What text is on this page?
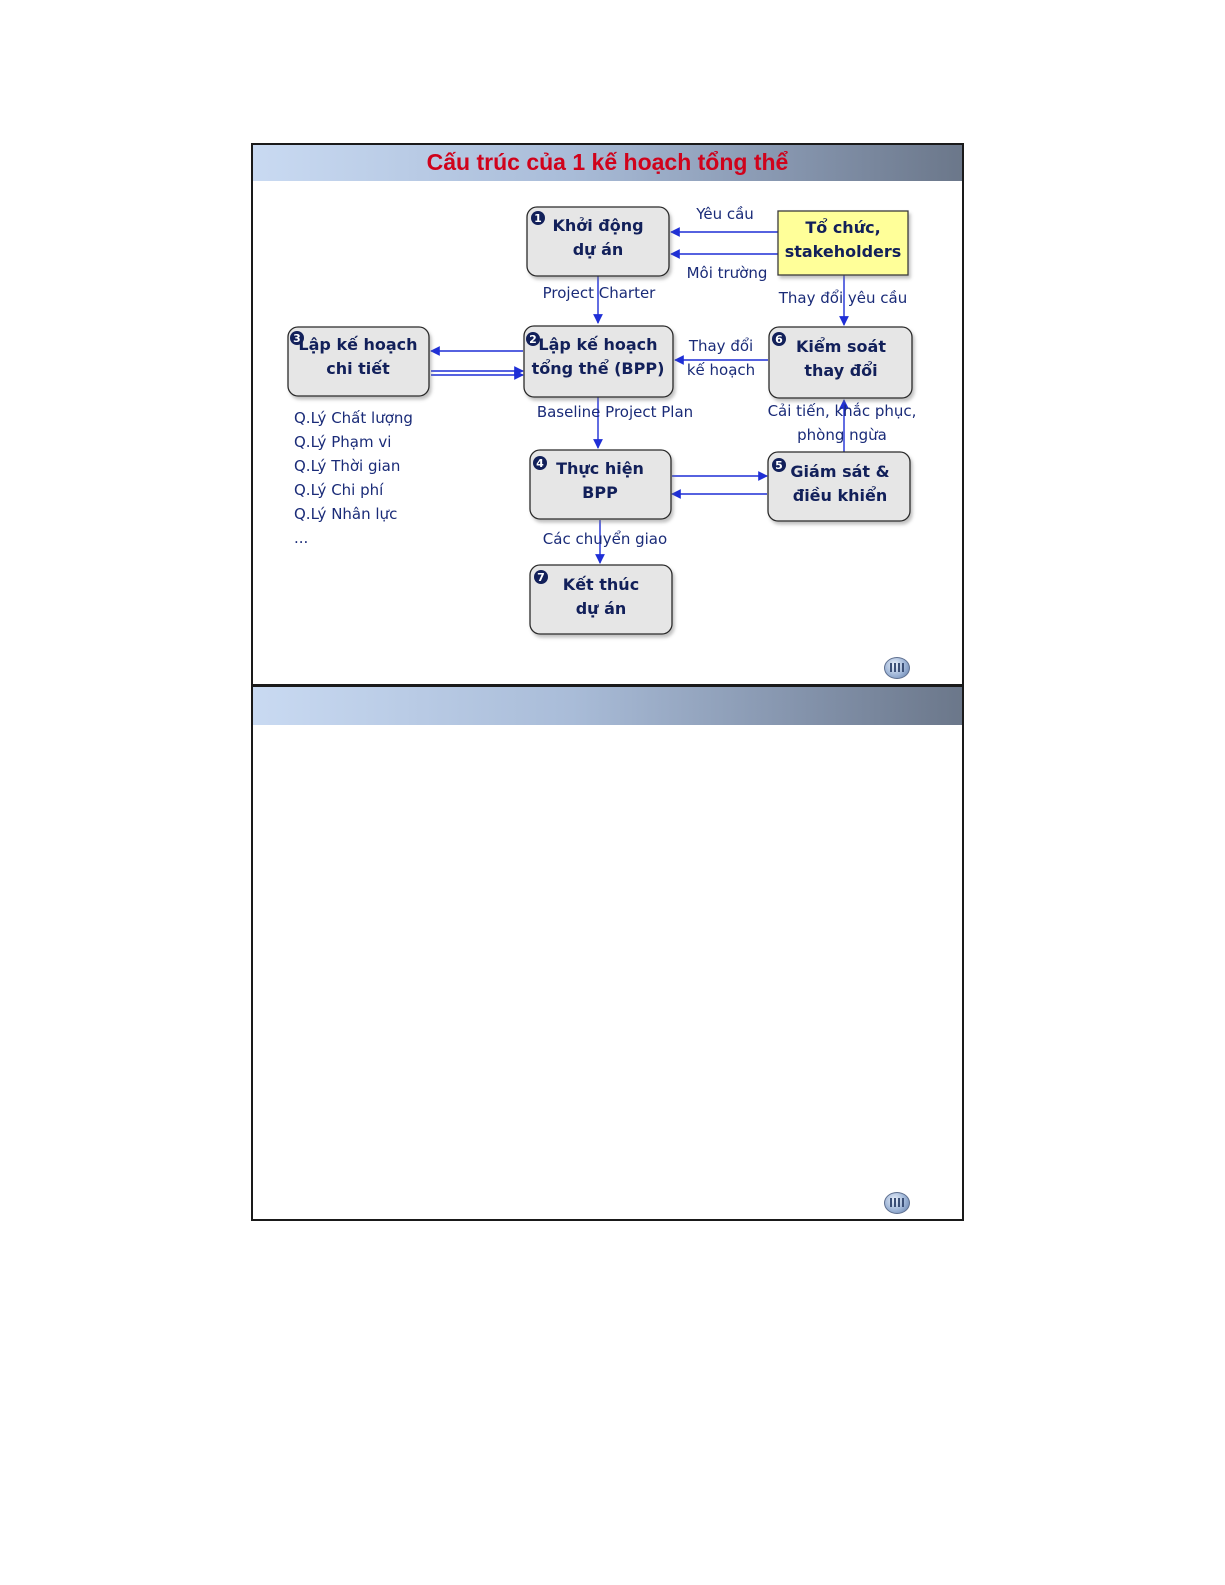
Cấu trúc của 1 kế hoạch tổng thể
1 Khởi động
dự án
Tổ chức,
stakeholders
3
Lập kế hoạch
chi tiết
2 Lập kế hoạch
tổng thể (BPP)
6 Kiểm soát
thay đổi
4 Thực hiện
BPP
5 Giám sát &
điều khiển
7 Kết thúc
dự án
Yêu cầu
Môi trường
Project Charter	Thay đổi yêu cầu
Thay đổi
kế hoạch
Baseline Project Plan	Cải tiến, khắc phục,
phòng ngừa
Các chuyển giao
Q.Lý Chất lượng
Q.Lý Phạm vi
Q.Lý Thời gian
Q.Lý Chi phí
Q.Lý Nhân lực
...
